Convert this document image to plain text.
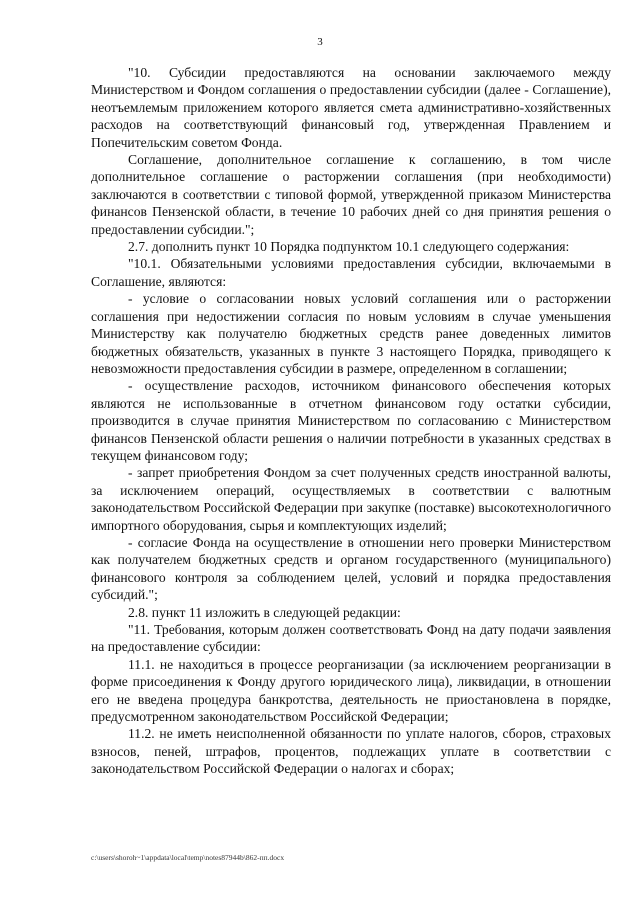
3

"10. Субсидии предоставляются на основании заключаемого между Министерством и Фондом соглашения о предоставлении субсидии (далее - Соглашение), неотъемлемым приложением которого является смета административно-хозяйственных расходов на соответствующий финансовый год, утвержденная Правлением и Попечительским советом Фонда.

Соглашение, дополнительное соглашение к соглашению, в том числе дополнительное соглашение о расторжении соглашения (при необходимости) заключаются в соответствии с типовой формой, утвержденной приказом Министерства финансов Пензенской области, в течение 10 рабочих дней со дня принятия решения о предоставлении субсидии.";

2.7. дополнить пункт 10 Порядка подпунктом 10.1 следующего содержания:

"10.1. Обязательными условиями предоставления субсидии, включаемыми в Соглашение, являются:

- условие о согласовании новых условий соглашения или о расторжении соглашения при недостижении согласия по новым условиям в случае уменьшения Министерству как получателю бюджетных средств ранее доведенных лимитов бюджетных обязательств, указанных в пункте 3 настоящего Порядка, приводящего к невозможности предоставления субсидии в размере, определенном в соглашении;

- осуществление расходов, источником финансового обеспечения которых являются не использованные в отчетном финансовом году остатки субсидии, производится в случае принятия Министерством по согласованию с Министерством финансов Пензенской области решения о наличии потребности в указанных средствах в текущем финансовом году;

- запрет приобретения Фондом за счет полученных средств иностранной валюты, за исключением операций, осуществляемых в соответствии с валютным законодательством Российской Федерации при закупке (поставке) высокотехнологичного импортного оборудования, сырья и комплектующих изделий;

- согласие Фонда на осуществление в отношении него проверки Министерством как получателем бюджетных средств и органом государственного (муниципального) финансового контроля за соблюдением целей, условий и порядка предоставления субсидий.";

2.8. пункт 11 изложить в следующей редакции:

"11. Требования, которым должен соответствовать Фонд на дату подачи заявления на предоставление субсидии:

11.1. не находиться в процессе реорганизации (за исключением реорганизации в форме присоединения к Фонду другого юридического лица), ликвидации, в отношении его не введена процедура банкротства, деятельность не приостановлена в порядке, предусмотренном законодательством Российской Федерации;

11.2. не иметь неисполненной обязанности по уплате налогов, сборов, страховых взносов, пеней, штрафов, процентов, подлежащих уплате в соответствии с законодательством Российской Федерации о налогах и сборах;

c:\users\shoroh~1\appdata\local\temp\notes87944b\862-пп.docx
